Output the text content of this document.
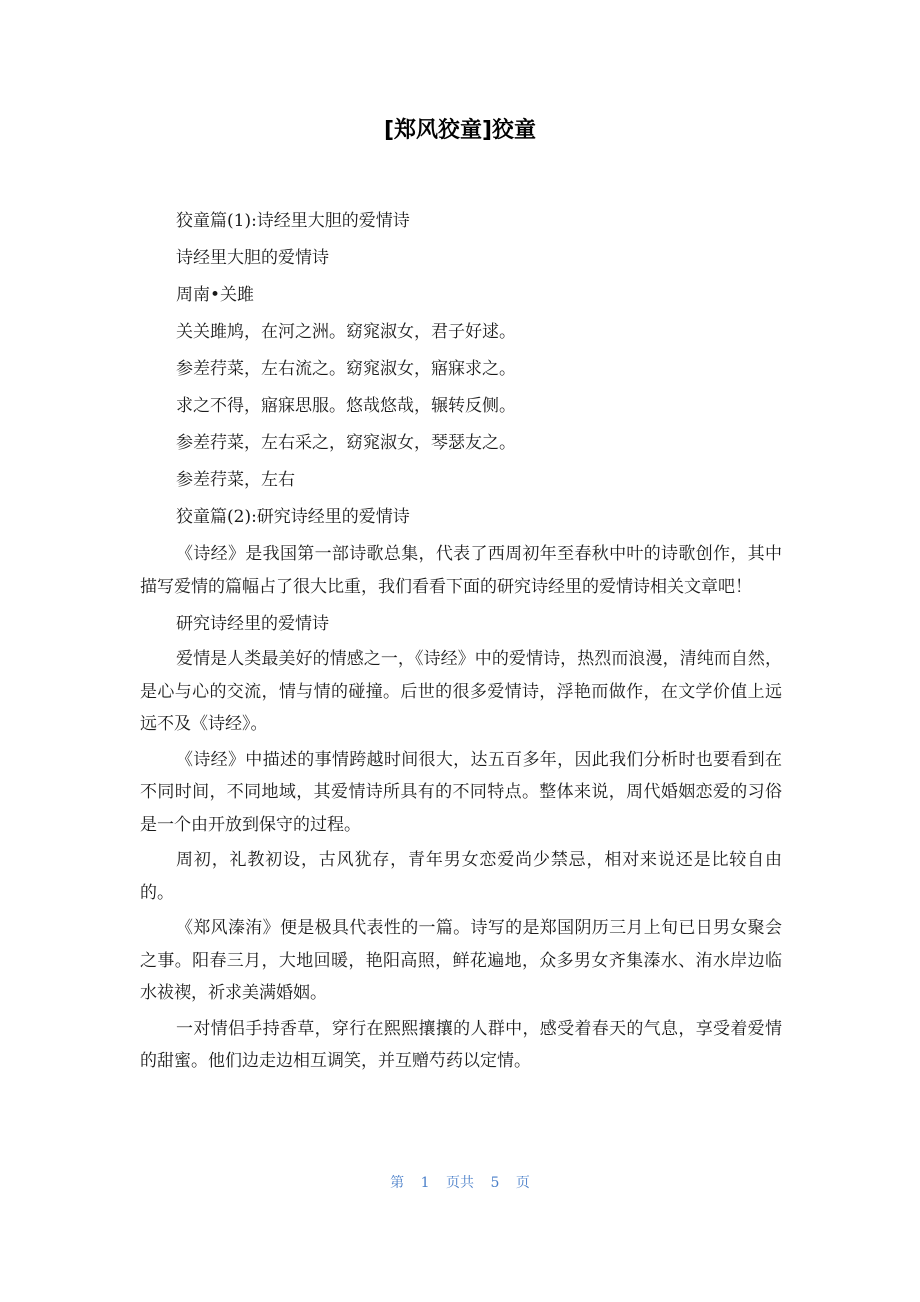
[郑风狡童]狡童
狡童篇(1):诗经里大胆的爱情诗
诗经里大胆的爱情诗
周南•关雎
关关雎鸠，在河之洲。窈窕淑女，君子好逑。
参差荇菜，左右流之。窈窕淑女，寤寐求之。
求之不得，寤寐思服。悠哉悠哉，辗转反侧。
参差荇菜，左右采之，窈窕淑女，琴瑟友之。
参差荇菜，左右
狡童篇(2):研究诗经里的爱情诗

《诗经》是我国第一部诗歌总集，代表了西周初年至春秋中叶的诗歌创作，其中描写爱情的篇幅占了很大比重，我们看看下面的研究诗经里的爱情诗相关文章吧！

研究诗经里的爱情诗

爱情是人类最美好的情感之一，《诗经》中的爱情诗，热烈而浪漫，清纯而自然，是心与心的交流，情与情的碰撞。后世的很多爱情诗，浮艳而做作，在文学价值上远远不及《诗经》。

《诗经》中描述的事情跨越时间很大，达五百多年，因此我们分析时也要看到在不同时间，不同地域，其爱情诗所具有的不同特点。整体来说，周代婚姻恋爱的习俗是一个由开放到保守的过程。

周初，礼教初设，古风犹存，青年男女恋爱尚少禁忌，相对来说还是比较自由的。

《郑风溱洧》便是极具代表性的一篇。诗写的是郑国阴历三月上旬已日男女聚会之事。阳春三月，大地回暖，艳阳高照，鲜花遍地，众多男女齐集溱水、洧水岸边临水祓禊，祈求美满婚姻。

一对情侣手持香草，穿行在熙熙攘攘的人群中，感受着春天的气息，享受着爱情的甜蜜。他们边走边相互调笑，并互赠芍药以定情。

第 1 页共 5 页
